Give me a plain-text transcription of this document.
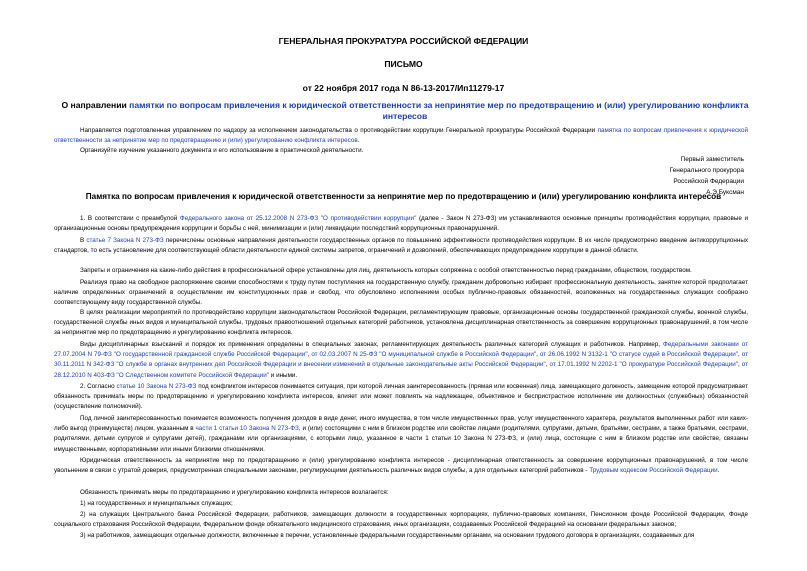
ГЕНЕРАЛЬНАЯ ПРОКУРАТУРА РОССИЙСКОЙ ФЕДЕРАЦИИ
ПИСЬМО
от 22 ноября 2017 года N 86-13-2017/Ип11279-17
О направлении памятки по вопросам привлечения к юридической ответственности за непринятие мер по предотвращению и (или) урегулированию конфликта интересов
Направляется подготовленная управлением по надзору за исполнением законодательства о противодействии коррупции Генеральной прокуратуры Российской Федерации памятка по вопросам привлечения к юридической ответственности за непринятие мер по предотвращению и (или) урегулированию конфликта интересов.
Организуйте изучение указанного документа и его использование в практической деятельности.
Первый заместитель
Генерального прокурора
Российской Федерации
А.Э.Буксман
Памятка по вопросам привлечения к юридической ответственности за непринятие мер по предотвращению и (или) урегулированию конфликта интересов
1. В соответствии с преамбулой Федерального закона от 25.12.2008 N 273-ФЗ "О противодействии коррупции" (далее - Закон N 273-ФЗ) им устанавливаются основные принципы противодействия коррупции, правовые и организационные основы предупреждения коррупции и борьбы с ней, минимизации и (или) ликвидации последствий коррупционных правонарушений.
В статье 7 Закона N 273-ФЗ перечислены основные направления деятельности государственных органов по повышению эффективности противодействия коррупции. В их числе предусмотрено введение антикоррупционных стандартов, то есть установление для соответствующей области деятельности единой системы запретов, ограничений и дозволений, обеспечивающих предупреждение коррупции в данной области.
Запреты и ограничения на какие-либо действия в профессиональной сфере установлены для лиц, деятельность которых сопряжена с особой ответственностью перед гражданами, обществом, государством.
Реализуя право на свободное распоряжение своими способностями к труду путем поступления на государственную службу, гражданин добровольно избирает профессиональную деятельность, занятие которой предполагает наличие определенных ограничений в осуществлении им конституционных прав и свобод, что обусловлено исполнением особых публично-правовых обязанностей, возложенных на государственных служащих сообразно соответствующему виду государственной службы.
В целях реализации мероприятий по противодействию коррупции законодательством Российской Федерации, регламентирующим правовые, организационные основы государственной гражданской службы, военной службы, государственной службы иных видов и муниципальной службы, трудовых правоотношений отдельных категорий работников, установлена дисциплинарная ответственность за совершение коррупционных правонарушений, в том числе за непринятие мер по предотвращению и урегулированию конфликта интересов.
Виды дисциплинарных взысканий и порядок их применения определены в специальных законах, регламентирующих деятельность различных категорий служащих и работников. Например, Федеральными законами от 27.07.2004 N 79-ФЗ "О государственной гражданской службе Российской Федерации", от 02.03.2007 N 25-ФЗ "О муниципальной службе в Российской Федерации", от 26.06.1992 N 3132-1 "О статусе судей в Российской Федерации", от 30.11.2011 N 342-ФЗ "О службе в органах внутренних дел Российской Федерации и внесении изменений в отдельные законодательные акты Российской Федерации", от 17.01.1992 N 2202-1 "О прокуратуре Российской Федерации", от 28.12.2010 N 403-ФЗ "О Следственном комитете Российской Федерации" и иными.
2. Согласно статье 10 Закона N 273-ФЗ под конфликтом интересов понимается ситуация, при которой личная заинтересованность (прямая или косвенная) лица, замещающего должность, замещение которой предусматривает обязанность принимать меры по предотвращению и урегулированию конфликта интересов, влияет или может повлиять на надлежащее, объективное и беспристрастное исполнение им должностных (служебных) обязанностей (осуществление полномочий).
Под личной заинтересованностью понимается возможность получения доходов в виде денег, иного имущества, в том числе имущественных прав, услуг имущественного характера, результатов выполненных работ или каких-либо выгод (преимуществ) лицом, указанным в части 1 статьи 10 Закона N 273-ФЗ, и (или) состоящими с ним в близком родстве или свойстве лицами (родителями, супругами, детьми, братьями, сестрами, а также братьями, сестрами, родителями, детьми супругов и супругами детей), гражданами или организациями, с которыми лицо, указанное в части 1 статьи 10 Закона N 273-ФЗ, и (или) лица, состоящие с ним в близком родстве или свойстве, связаны имущественными, корпоративными или иными близкими отношениями.
Юридическая ответственность за непринятие мер по предотвращению и (или) урегулированию конфликта интересов - дисциплинарная ответственность за совершение коррупционных правонарушений, в том числе увольнение в связи с утратой доверия, предусмотренная специальными законами, регулирующими деятельность различных видов службы, а для отдельных категорий работников - Трудовым кодексом Российской Федерации.
Обязанность принимать меры по предотвращению и урегулированию конфликта интересов возлагается:
1) на государственных и муниципальных служащих;
2) на служащих Центрального банка Российской Федерации, работников, замещающих должности в государственных корпорациях, публично-правовых компаниях, Пенсионном фонде Российской Федерации, Фонде социального страхования Российской Федерации, Федеральном фонде обязательного медицинского страхования, иных организациях, создаваемых Российской Федерацией на основании федеральных законов;
3) на работников, замещающих отдельные должности, включенные в перечни, установленные федеральными государственными органами, на основании трудового договора в организациях, создаваемых для
